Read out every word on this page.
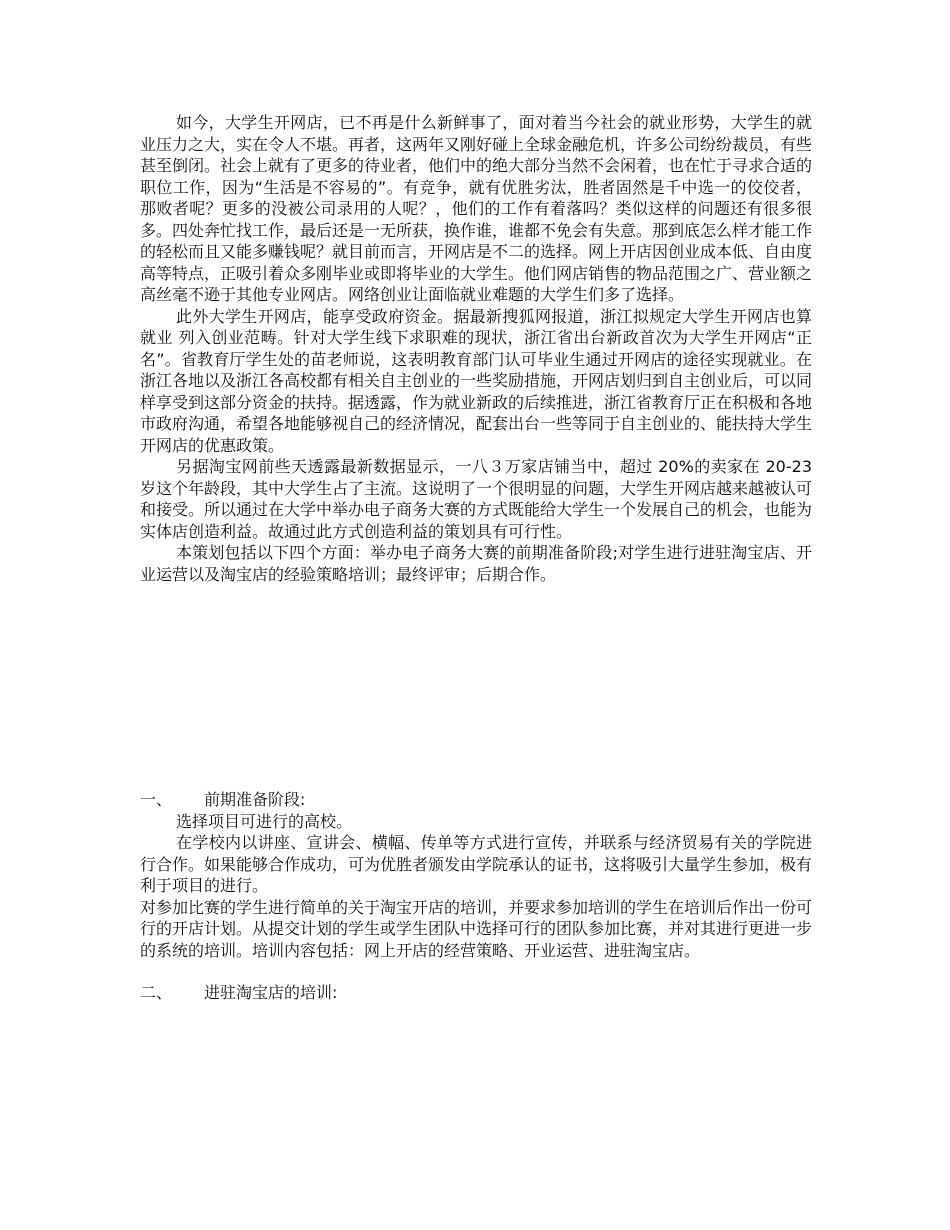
如今，大学生开网店，已不再是什么新鲜事了，面对着当今社会的就业形势，大学生的就业压力之大，实在令人不堪。再者，这两年又刚好碰上全球金融危机，许多公司纷纷裁员，有些甚至倒闭。社会上就有了更多的待业者，他们中的绝大部分当然不会闲着，也在忙于寻求合适的职位工作，因为“生活是不容易的”。有竞争，就有优胜劣汰，胜者固然是千中选一的佼佼者，那败者呢？更多的没被公司录用的人呢？，他们的工作有着落吗？类似这样的问题还有很多很多。四处奔忙找工作，最后还是一无所获，换作谁，谁都不免会有失意。那到底怎么样才能工作的轻松而且又能多赚钱呢？就目前而言，开网店是不二的选择。网上开店因创业成本低、自由度高等特点，正吸引着众多刚毕业或即将毕业的大学生。他们网店销售的物品范围之广、营业额之高丝毫不逊于其他专业网店。网络创业让面临就业难题的大学生们多了选择。

此外大学生开网店，能享受政府资金。据最新搜狐网报道，浙江拟规定大学生开网店也算就业 列入创业范畴。针对大学生线下求职难的现状，浙江省出台新政首次为大学生开网店“正名”。省教育厅学生处的苗老师说，这表明教育部门认可毕业生通过开网店的途径实现就业。在浙江各地以及浙江各高校都有相关自主创业的一些奖励措施，开网店划归到自主创业后，可以同样享受到这部分资金的扶持。据透露，作为就业新政的后续推进，浙江省教育厅正在积极和各地市政府沟通，希望各地能够视自己的经济情况，配套出台一些等同于自主创业的、能扶持大学生开网店的优惠政策。

另据淘宝网前些天透露最新数据显示，一八３万家店铺当中，超过 20%的卖家在 20-23 岁这个年龄段，其中大学生占了主流。这说明了一个很明显的问题，大学生开网店越来越被认可和接受。所以通过在大学中举办电子商务大赛的方式既能给大学生一个发展自己的机会，也能为实体店创造利益。故通过此方式创造利益的策划具有可行性。

本策划包括以下四个方面：举办电子商务大赛的前期准备阶段;对学生进行进驻淘宝店、开业运营以及淘宝店的经验策略培训；最终评审；后期合作。

一、	前期准备阶段:

选择项目可进行的高校。

在学校内以讲座、宣讲会、横幅、传单等方式进行宣传，并联系与经济贸易有关的学院进行合作。如果能够合作成功，可为优胜者颁发由学院承认的证书，这将吸引大量学生参加，极有利于项目的进行。

对参加比赛的学生进行简单的关于淘宝开店的培训，并要求参加培训的学生在培训后作出一份可行的开店计划。从提交计划的学生或学生团队中选择可行的团队参加比赛，并对其进行更进一步的系统的培训。培训内容包括：网上开店的经营策略、开业运营、进驻淘宝店。

二、	进驻淘宝店的培训:
